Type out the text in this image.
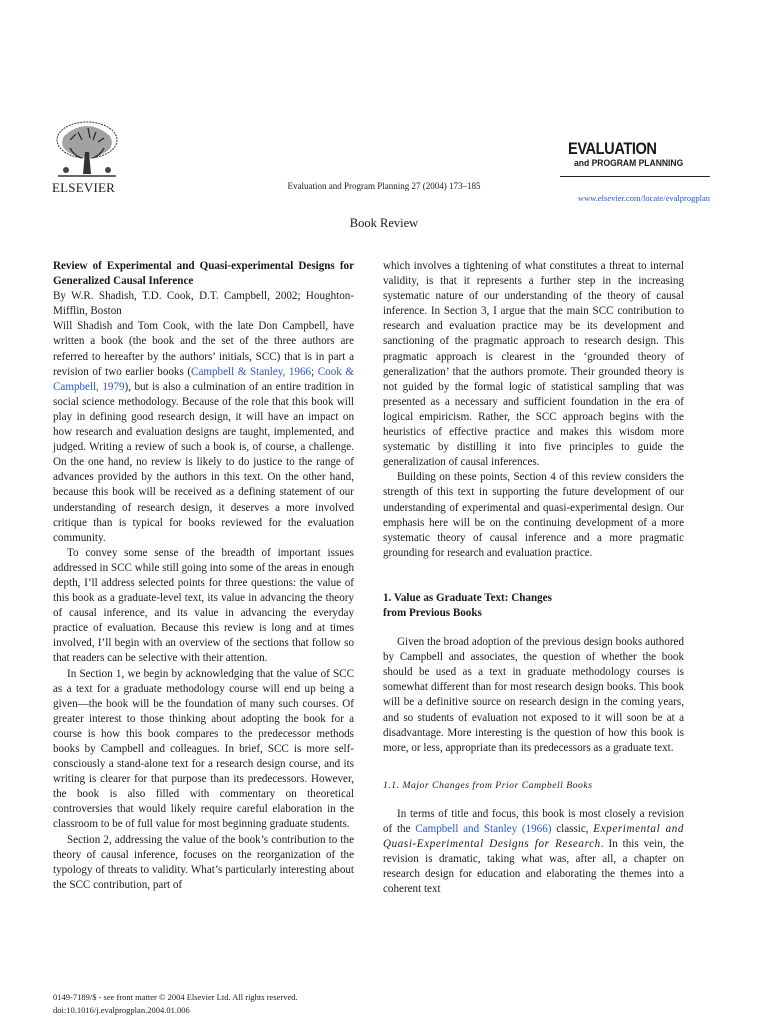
ELSEVIER	Evaluation and Program Planning 27 (2004) 173–185
EVALUATION
and PROGRAM PLANNING
www.elsevier.com/locate/evalprogplan
Book Review

Review of Experimental and Quasi-experimental Designs for Generalized Causal Inference

By W.R. Shadish, T.D. Cook, D.T. Campbell, 2002; Houghton-Mifflin, Boston

Will Shadish and Tom Cook, with the late Don Campbell, have written a book (the book and the set of the three authors are referred to hereafter by the authors’ initials, SCC) that is in part a revision of two earlier books (Campbell & Stanley, 1966; Cook & Campbell, 1979), but is also a culmination of an entire tradition in social science methodology. Because of the role that this book will play in defining good research design, it will have an impact on how research and evaluation designs are taught, implemented, and judged. Writing a review of such a book is, of course, a challenge. On the one hand, no review is likely to do justice to the range of advances provided by the authors in this text. On the other hand, because this book will be received as a defining statement of our understanding of research design, it deserves a more involved critique than is typical for books reviewed for the evaluation community.

To convey some sense of the breadth of important issues addressed in SCC while still going into some of the areas in enough depth, I’ll address selected points for three questions: the value of this book as a graduate-level text, its value in advancing the theory of causal inference, and its value in advancing the everyday practice of evaluation. Because this review is long and at times involved, I’ll begin with an overview of the sections that follow so that readers can be selective with their attention.

In Section 1, we begin by acknowledging that the value of SCC as a text for a graduate methodology course will end up being a given—the book will be the foundation of many such courses. Of greater interest to those thinking about adopting the book for a course is how this book compares to the predecessor methods books by Campbell and colleagues. In brief, SCC is more self-consciously a stand-alone text for a research design course, and its writing is clearer for that purpose than its predecessors. However, the book is also filled with commentary on theoretical controversies that would likely require careful elaboration in the classroom to be of full value for most beginning graduate students.

Section 2, addressing the value of the book’s contribution to the theory of causal inference, focuses on the reorganization of the typology of threats to validity. What’s particularly interesting about the SCC contribution, part of

which involves a tightening of what constitutes a threat to internal validity, is that it represents a further step in the increasing systematic nature of our understanding of the theory of causal inference. In Section 3, I argue that the main SCC contribution to research and evaluation practice may be its development and sanctioning of the pragmatic approach to research design. This pragmatic approach is clearest in the ‘grounded theory of generalization’ that the authors promote. Their grounded theory is not guided by the formal logic of statistical sampling that was presented as a necessary and sufficient foundation in the era of logical empiricism. Rather, the SCC approach begins with the heuristics of effective practice and makes this wisdom more systematic by distilling it into five principles to guide the generalization of causal inferences.

Building on these points, Section 4 of this review considers the strength of this text in supporting the future development of our understanding of experimental and quasi-experimental design. Our emphasis here will be on the continuing development of a more systematic theory of causal inference and a more pragmatic grounding for research and evaluation practice.

1. Value as Graduate Text: Changes
from Previous Books

Given the broad adoption of the previous design books authored by Campbell and associates, the question of whether the book should be used as a text in graduate methodology courses is somewhat different than for most research design books. This book will be a definitive source on research design in the coming years, and so students of evaluation not exposed to it will soon be at a disadvantage. More interesting is the question of how this book is more, or less, appropriate than its predecessors as a graduate text.

1.1. Major Changes from Prior Campbell Books

In terms of title and focus, this book is most closely a revision of the Campbell and Stanley (1966) classic, Experimental and Quasi-Experimental Designs for Research. In this vein, the revision is dramatic, taking what was, after all, a chapter on research design for education and elaborating the themes into a coherent text

0149-7189/$ - see front matter © 2004 Elsevier Ltd. All rights reserved.
doi:10.1016/j.evalprogplan.2004.01.006
